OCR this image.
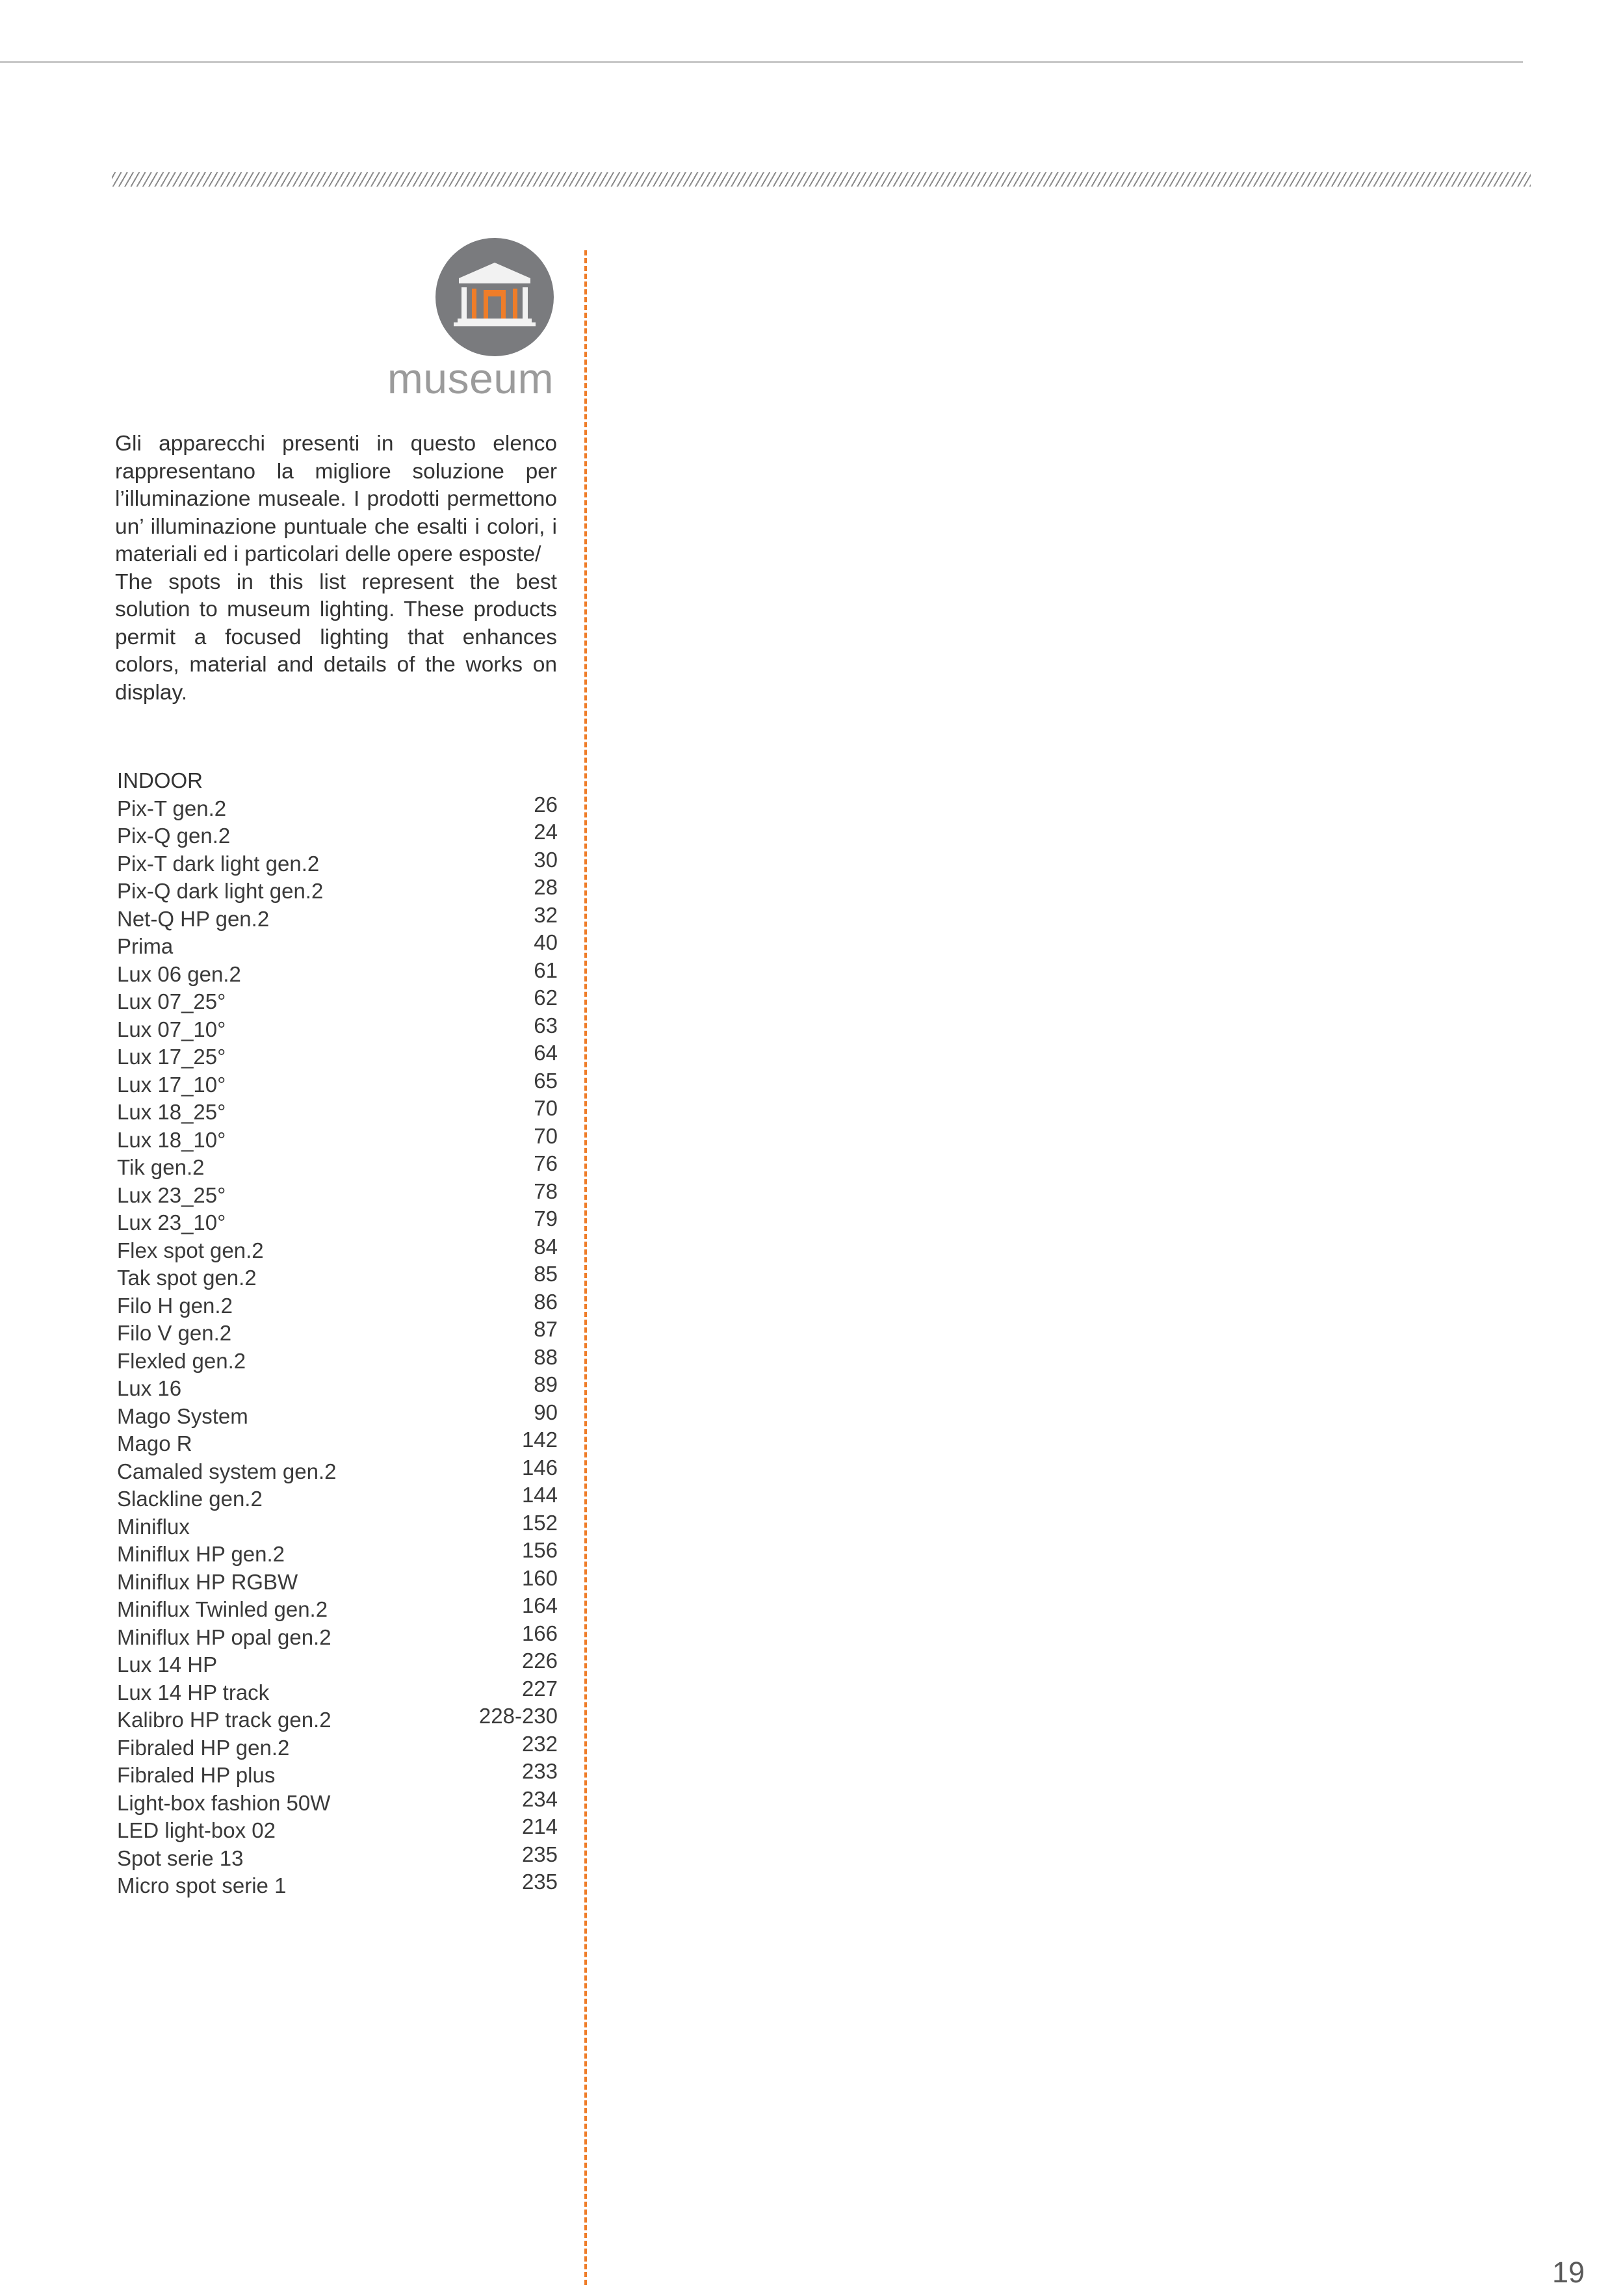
museum

Gli apparecchi presenti in questo elenco rappresentano la migliore soluzione per l’illuminazione museale. I prodotti permettono un’ illuminazione puntuale che esalti i colori, i materiali ed i particolari delle opere esposte/

The spots in this list represent the best solution to museum lighting. These products permit a focused lighting that enhances colors, material and details of the works on display.

INDOOR
Pix-T gen.2	26
Pix-Q gen.2	24
Pix-T dark light gen.2	30
Pix-Q dark light gen.2	28
Net-Q HP gen.2	32
Prima	40
Lux 06 gen.2	61
Lux 07_25°	62
Lux 07_10°	63
Lux 17_25°	64
Lux 17_10°	65
Lux 18_25°	70
Lux 18_10°	70
Tik gen.2	76
Lux 23_25°	78
Lux 23_10°	79
Flex spot gen.2	84
Tak spot gen.2	85
Filo H gen.2	86
Filo V gen.2	87
Flexled gen.2	88
Lux 16	89
Mago System	90
Mago R	142
Camaled system gen.2	146
Slackline gen.2	144
Miniflux	152
Miniflux HP gen.2	156
Miniflux HP RGBW	160
Miniflux Twinled gen.2	164
Miniflux HP opal gen.2	166
Lux 14 HP	226
Lux 14 HP track	227
Kalibro HP track gen.2	228-230
Fibraled HP gen.2	232
Fibraled HP plus	233
Light-box fashion 50W	234
LED light-box 02	214
Spot serie 13	235
Micro spot serie 1	235
19
